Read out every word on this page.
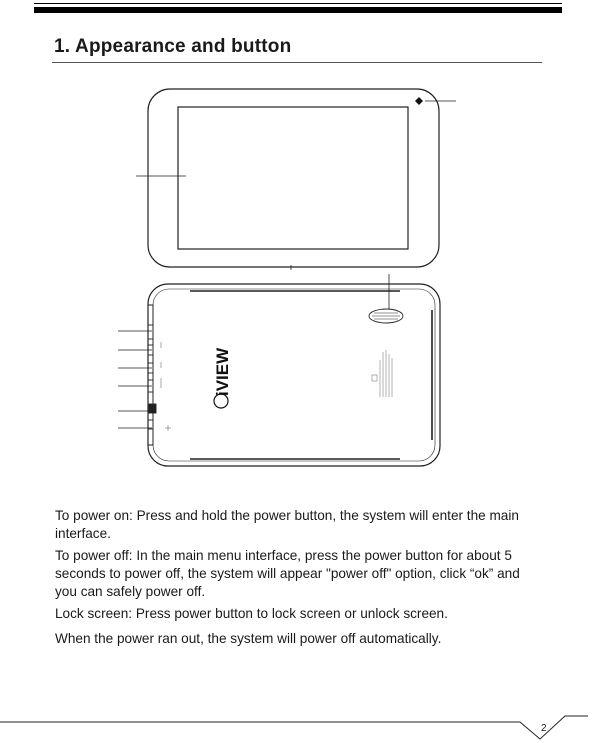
1. Appearance and button
iVIEW

To power on: Press and hold the power button, the system will enter the main interface.

To power off: In the main menu interface, press the power button for about 5 seconds to power off, the system will appear "power off" option, click “ok” and you can safely power off.

Lock screen: Press power button to lock screen or unlock screen.

When the power ran out, the system will power off automatically.

2
